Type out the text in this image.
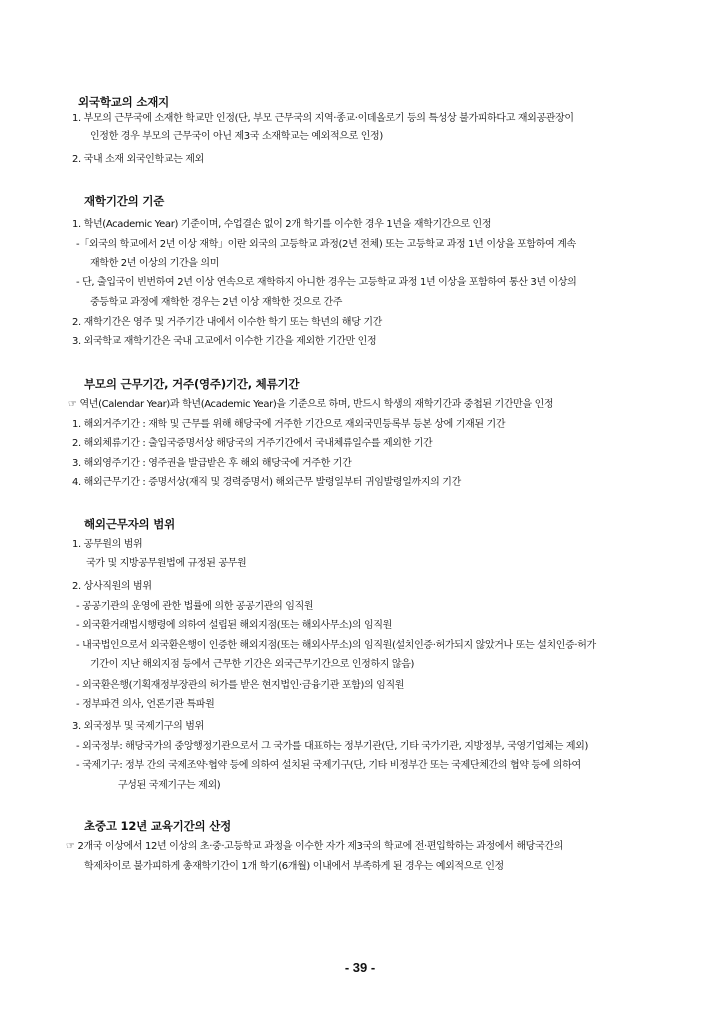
외국학교의 소재지
1. 부모의 근무국에 소재한 학교만 인정(단, 부모 근무국의 지역·종교·이데올로기 등의 특성상 불가피하다고 재외공관장이
인정한 경우 부모의 근무국이 아닌 제3국 소재학교는 예외적으로 인정)
2. 국내 소재 외국인학교는 제외
재학기간의 기준
1. 학년(Academic Year) 기준이며, 수업결손 없이 2개 학기를 이수한 경우 1년을 재학기간으로 인정
-「외국의 학교에서 2년 이상 재학」이란 외국의 고등학교 과정(2년 전체) 또는 고등학교 과정 1년 이상을 포함하여 계속
재학한 2년 이상의 기간을 의미
- 단, 출입국이 빈번하여 2년 이상 연속으로 재학하지 아니한 경우는 고등학교 과정 1년 이상을 포함하여 통산 3년 이상의
중등학교 과정에 재학한 경우는 2년 이상 재학한 것으로 간주
2. 재학기간은 영주 및 거주기간 내에서 이수한 학기 또는 학년의 해당 기간
3. 외국학교 재학기간은 국내 고교에서 이수한 기간을 제외한 기간만 인정
부모의 근무기간, 거주(영주)기간, 체류기간
☞ 역년(Calendar Year)과 학년(Academic Year)을 기준으로 하며, 반드시 학생의 재학기간과 중첩된 기간만을 인정
1. 해외거주기간 : 재학 및 근무를 위해 해당국에 거주한 기간으로 재외국민등록부 등본 상에 기재된 기간
2. 해외체류기간 : 출입국증명서상 해당국의 거주기간에서 국내체류일수를 제외한 기간
3. 해외영주기간 : 영주권을 발급받은 후 해외 해당국에 거주한 기간
4. 해외근무기간 : 증명서상(재직 및 경력증명서) 해외근무 발령일부터 귀임발령일까지의 기간
해외근무자의 범위
1. 공무원의 범위
국가 및 지방공무원법에 규정된 공무원
2. 상사직원의 범위
- 공공기관의 운영에 관한 법률에 의한 공공기관의 임직원
- 외국환거래법시행령에 의하여 설립된 해외지점(또는 해외사무소)의 임직원
- 내국법인으로서 외국환은행이 인증한 해외지점(또는 해외사무소)의 임직원(설치인증·허가되지 않았거나 또는 설치인증·허가
기간이 지난 해외지점 등에서 근무한 기간은 외국근무기간으로 인정하지 않음)
- 외국환은행(기획재정부장관의 허가를 받은 현지법인·금융기관 포함)의 임직원
- 정부파견 의사, 언론기관 특파원
3. 외국정부 및 국제기구의 범위
- 외국정부: 해당국가의 중앙행정기관으로서 그 국가를 대표하는 정부기관(단, 기타 국가기관, 지방정부, 국영기업체는 제외)
- 국제기구: 정부 간의 국제조약·협약 등에 의하여 설치된 국제기구(단, 기타 비정부간 또는 국제단체간의 협약 등에 의하여
구성된 국제기구는 제외)
초중고 12년 교육기간의 산정
☞ 2개국 이상에서 12년 이상의 초·중·고등학교 과정을 이수한 자가 제3국의 학교에 전·편입학하는 과정에서 해당국간의
학제차이로 불가피하게 총재학기간이 1개 학기(6개월) 이내에서 부족하게 된 경우는 예외적으로 인정
- 39 -
